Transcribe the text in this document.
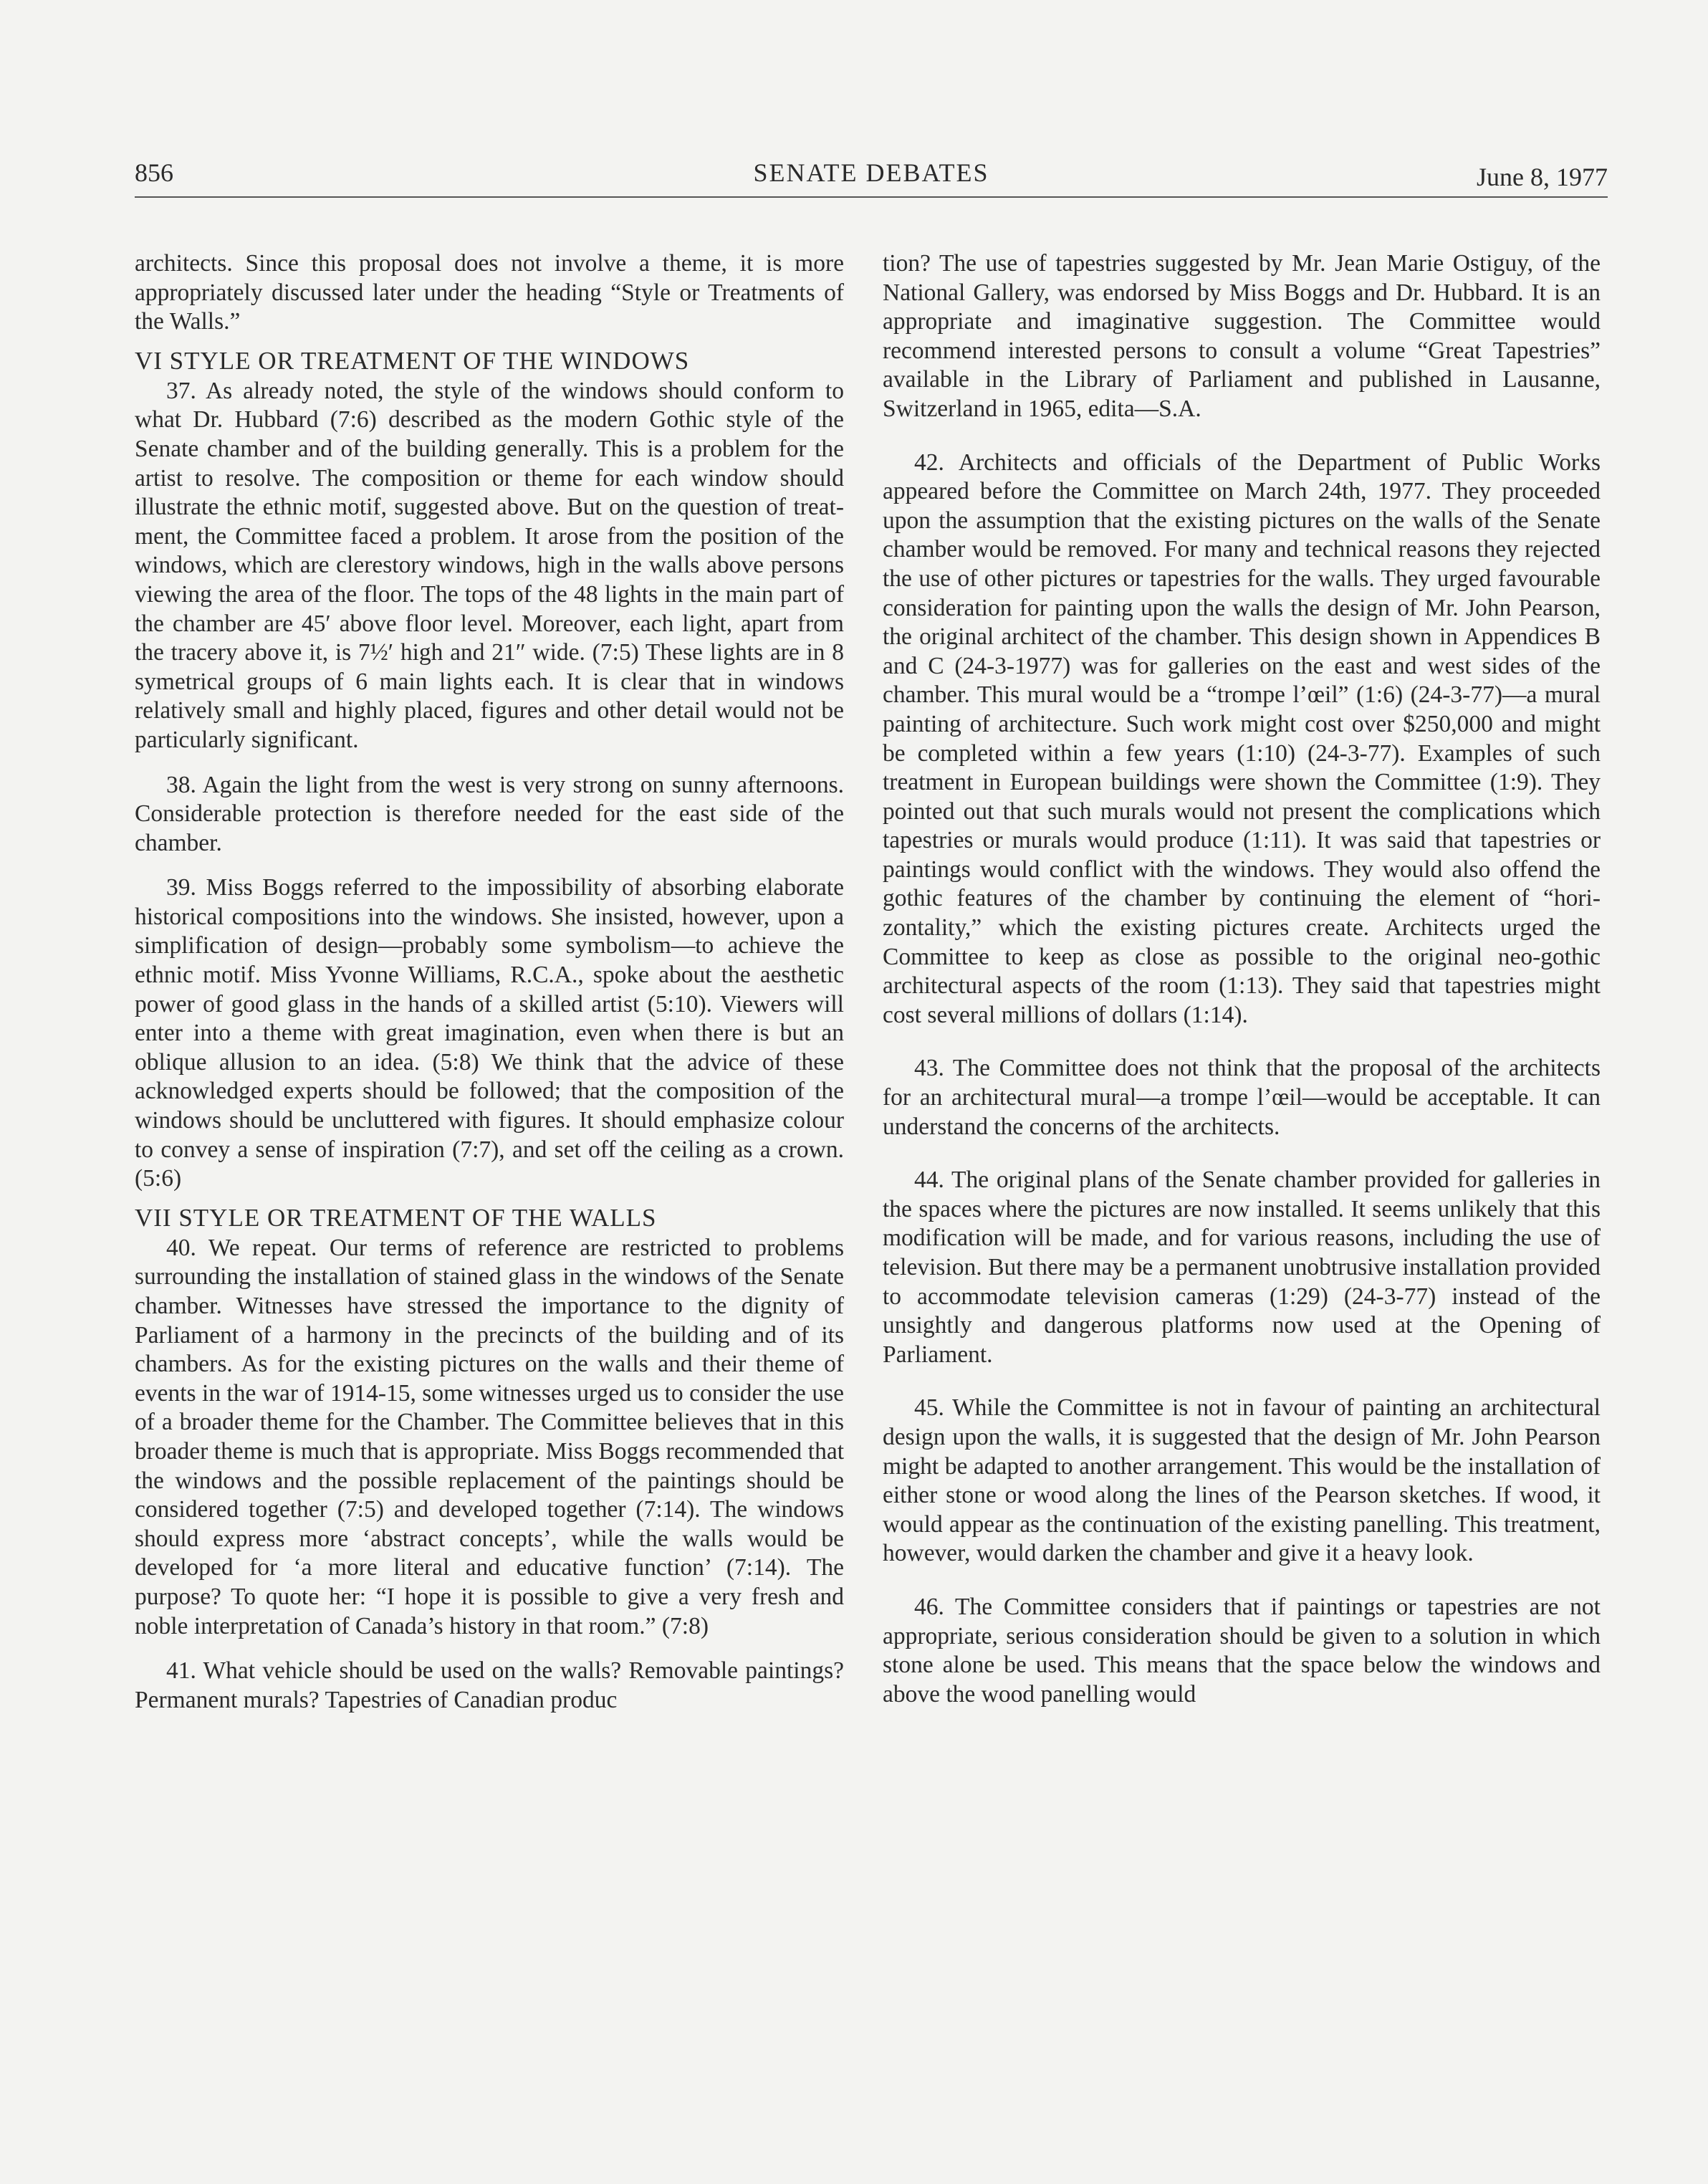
856	SENATE DEBATES	June 8, 1977

architects. Since this proposal does not involve a theme, it is more appropriately discussed later under the heading “Style or Treatments of the Walls.”

VI STYLE OR TREATMENT OF THE WINDOWS

37. As already noted, the style of the windows should conform to what Dr. Hubbard (7:6) described as the modern Gothic style of the Senate chamber and of the building generally. This is a problem for the artist to resolve. The composition or theme for each window should illustrate the ethnic motif, suggested above. But on the question of treatment, the Committee faced a problem. It arose from the position of the windows, which are clerestory windows, high in the walls above persons viewing the area of the floor. The tops of the 48 lights in the main part of the chamber are 45′ above floor level. Moreover, each light, apart from the tracery above it, is 7½′ high and 21″ wide. (7:5) These lights are in 8 symetrical groups of 6 main lights each. It is clear that in windows relatively small and highly placed, figures and other detail would not be particularly significant.

38. Again the light from the west is very strong on sunny afternoons. Considerable protection is therefore needed for the east side of the chamber.

39. Miss Boggs referred to the impossibility of absorbing elaborate historical compositions into the windows. She insisted, however, upon a simplification of design—probably some symbolism—to achieve the ethnic motif. Miss Yvonne Williams, R.C.A., spoke about the aesthetic power of good glass in the hands of a skilled artist (5:10). Viewers will enter into a theme with great imagination, even when there is but an oblique allusion to an idea. (5:8) We think that the advice of these acknowledged experts should be followed; that the composition of the windows should be uncluttered with figures. It should emphasize colour to convey a sense of inspiration (7:7), and set off the ceiling as a crown. (5:6)

VII STYLE OR TREATMENT OF THE WALLS

40. We repeat. Our terms of reference are restricted to problems surrounding the installation of stained glass in the windows of the Senate chamber. Witnesses have stressed the importance to the dignity of Parliament of a harmony in the precincts of the building and of its chambers. As for the existing pictures on the walls and their theme of events in the war of 1914-15, some witnesses urged us to consider the use of a broader theme for the Chamber. The Committee believes that in this broader theme is much that is appropriate. Miss Boggs recommended that the windows and the possible replacement of the paintings should be considered together (7:5) and developed together (7:14). The windows should express more ‘abstract concepts’, while the walls would be developed for ‘a more literal and educative function’ (7:14). The purpose? To quote her: “I hope it is possible to give a very fresh and noble interpretation of Canada’s history in that room.” (7:8)

41. What vehicle should be used on the walls? Removable paintings? Permanent murals? Tapestries of Canadian produc

tion? The use of tapestries suggested by Mr. Jean Marie Ostiguy, of the National Gallery, was endorsed by Miss Boggs and Dr. Hubbard. It is an appropriate and imaginative suggestion. The Committee would recommend interested persons to consult a volume “Great Tapestries” available in the Library of Parliament and published in Lausanne, Switzerland in 1965, edita—S.A.

42. Architects and officials of the Department of Public Works appeared before the Committee on March 24th, 1977. They proceeded upon the assumption that the existing pictures on the walls of the Senate chamber would be removed. For many and technical reasons they rejected the use of other pictures or tapestries for the walls. They urged favourable consideration for painting upon the walls the design of Mr. John Pearson, the original architect of the chamber. This design shown in Appendices B and C (24-3-1977) was for galleries on the east and west sides of the chamber. This mural would be a “trompe l’œil” (1:6) (24-3-77)—a mural painting of architecture. Such work might cost over $250,000 and might be completed within a few years (1:10) (24-3-77). Examples of such treatment in European buildings were shown the Committee (1:9). They pointed out that such murals would not present the complications which tapestries or murals would produce (1:11). It was said that tapestries or paintings would conflict with the windows. They would also offend the gothic features of the chamber by continuing the element of “horizontality,” which the existing pictures create. Architects urged the Committee to keep as close as possible to the original neo-gothic architectural aspects of the room (1:13). They said that tapestries might cost several millions of dollars (1:14).

43. The Committee does not think that the proposal of the architects for an architectural mural—a trompe l’œil—would be acceptable. It can understand the concerns of the architects.

44. The original plans of the Senate chamber provided for galleries in the spaces where the pictures are now installed. It seems unlikely that this modification will be made, and for various reasons, including the use of television. But there may be a permanent unobtrusive installation provided to accommodate television cameras (1:29) (24-3-77) instead of the unsightly and dangerous platforms now used at the Opening of Parliament.

45. While the Committee is not in favour of painting an architectural design upon the walls, it is suggested that the design of Mr. John Pearson might be adapted to another arrangement. This would be the installation of either stone or wood along the lines of the Pearson sketches. If wood, it would appear as the continuation of the existing panelling. This treatment, however, would darken the chamber and give it a heavy look.

46. The Committee considers that if paintings or tapestries are not appropriate, serious consideration should be given to a solution in which stone alone be used. This means that the space below the windows and above the wood panelling would
